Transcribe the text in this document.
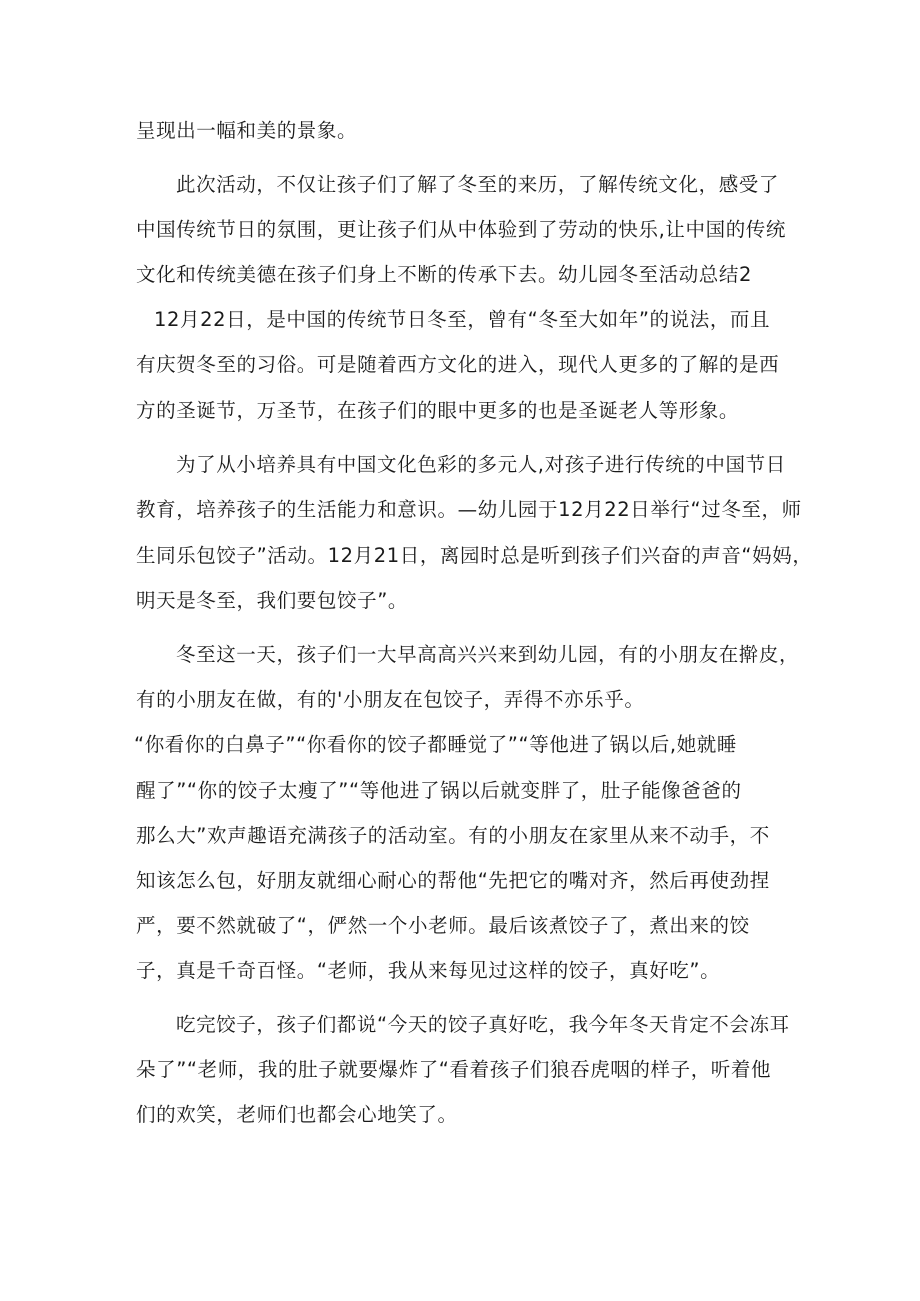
呈现出一幅和美的景象。
此次活动，不仅让孩子们了解了冬至的来历，了解传统文化，感受了
中国传统节日的氛围，更让孩子们从中体验到了劳动的快乐,让中国的传统
文化和传统美德在孩子们身上不断的传承下去。幼儿园冬至活动总结2
12月22日，是中国的传统节日冬至，曾有“冬至大如年”的说法，而且
有庆贺冬至的习俗。可是随着西方文化的进入，现代人更多的了解的是西
方的圣诞节，万圣节，在孩子们的眼中更多的也是圣诞老人等形象。
为了从小培养具有中国文化色彩的多元人,对孩子进行传统的中国节日
教育，培养孩子的生活能力和意识。—幼儿园于12月22日举行“过冬至，师
生同乐包饺子”活动。12月21日，离园时总是听到孩子们兴奋的声音“妈妈，
明天是冬至，我们要包饺子”。
冬至这一天，孩子们一大早高高兴兴来到幼儿园，有的小朋友在擀皮，
有的小朋友在做，有的'小朋友在包饺子，弄得不亦乐乎。
“你看你的白鼻子”“你看你的饺子都睡觉了”“等他进了锅以后,她就睡
醒了”“你的饺子太瘦了”“等他进了锅以后就变胖了，肚子能像爸爸的
那么大”欢声趣语充满孩子的活动室。有的小朋友在家里从来不动手，不
知该怎么包，好朋友就细心耐心的帮他“先把它的嘴对齐，然后再使劲捏
严，要不然就破了“，俨然一个小老师。最后该煮饺子了，煮出来的饺
子，真是千奇百怪。“老师，我从来每见过这样的饺子，真好吃”。
吃完饺子，孩子们都说“今天的饺子真好吃，我今年冬天肯定不会冻耳
朵了”“老师，我的肚子就要爆炸了“看着孩子们狼吞虎咽的样子，听着他
们的欢笑，老师们也都会心地笑了。
